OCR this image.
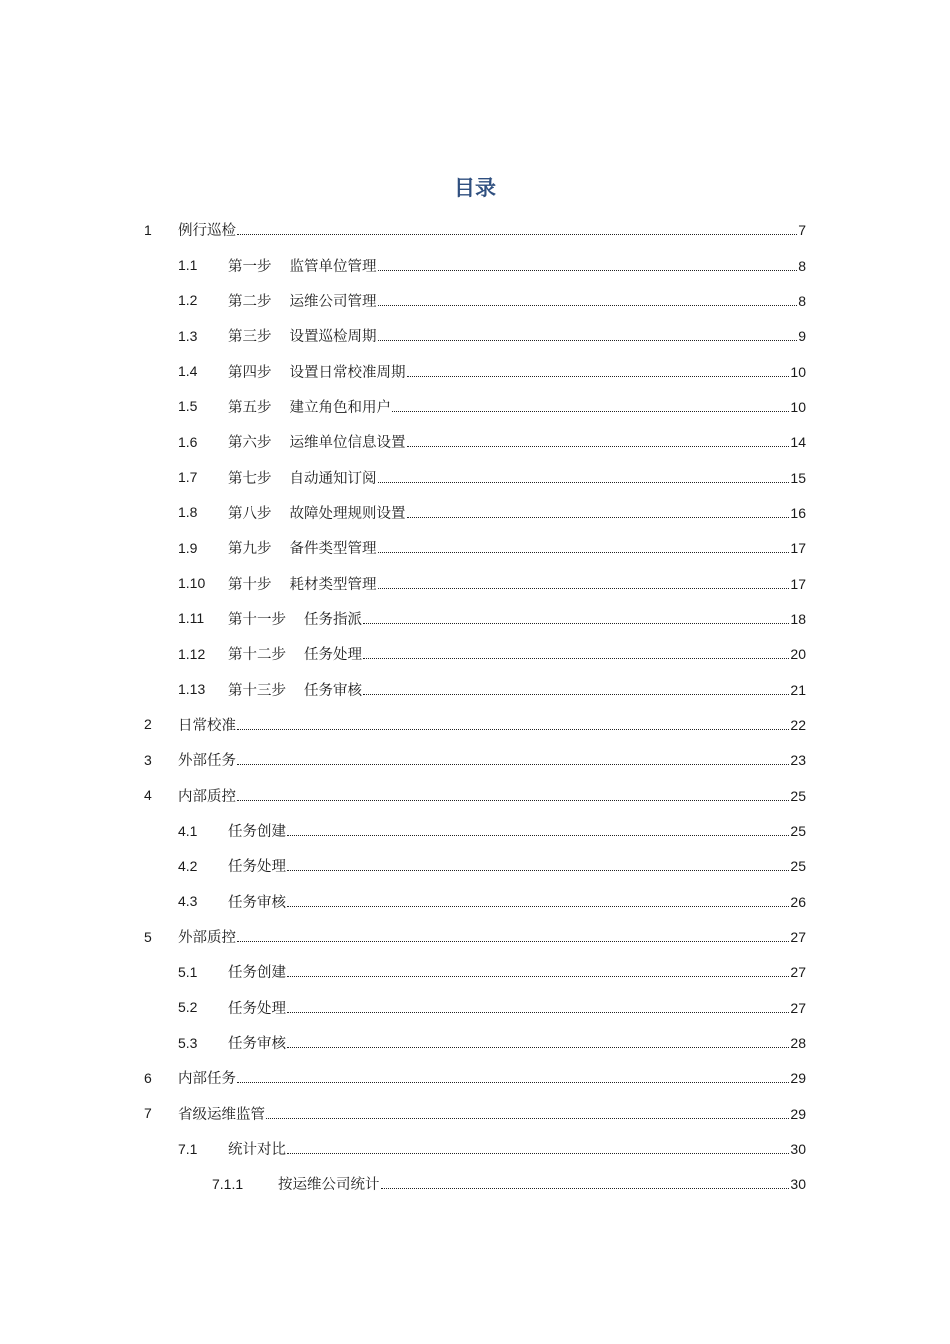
目录
1 例行巡检	7
1.1 第一步 监管单位管理	8
1.2 第二步 运维公司管理	8
1.3 第三步 设置巡检周期	9
1.4 第四步 设置日常校准周期	10
1.5 第五步 建立角色和用户	10
1.6 第六步 运维单位信息设置	14
1.7 第七步 自动通知订阅	15
1.8 第八步 故障处理规则设置	16
1.9 第九步 备件类型管理	17
1.10 第十步 耗材类型管理	17
1.11 第十一步 任务指派	18
1.12 第十二步 任务处理	20
1.13 第十三步 任务审核	21
2 日常校准	22
3 外部任务	23
4 内部质控	25
4.1 任务创建	25
4.2 任务处理	25
4.3 任务审核	26
5 外部质控	27
5.1 任务创建	27
5.2 任务处理	27
5.3 任务审核	28
6 内部任务	29
7 省级运维监管	29
7.1 统计对比	30
7.1.1 按运维公司统计	30
